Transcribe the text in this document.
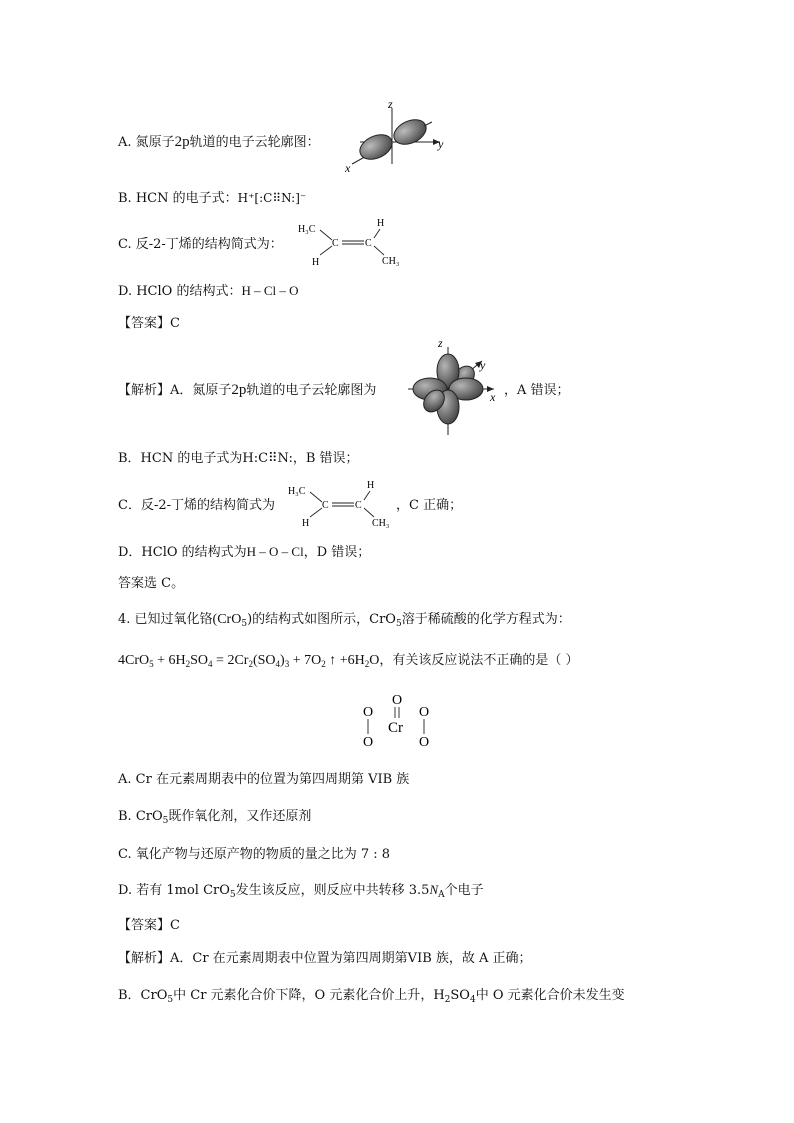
A. 氮原子2p轨道的电子云轮廓图：
z
y
x
B. HCN 的电子式：H⁺[:C⠿N:]⁻
C. 反-2-丁烯的结构简式为：
H₃C
H
C	C
H
CH₃
D. HClO 的结构式：H – Cl – O
【答案】C
【解析】A．氮原子2p轨道的电子云轮廓图为	，A 错误；
z
y
x
B．HCN 的电子式为H:C⠿N:，B 错误；
C．反-2-丁烯的结构简式为	，C 正确；
H₃C
H
C	C
H
CH₃
D．HClO 的结构式为H – O – Cl，D 错误；
答案选 C。
4. 已知过氧化铬(CrO$_5$)的结构式如图所示，CrO$_5$溶于稀硫酸的化学方程式为：
$4CrO_5 + 6H_2SO_4 = 2Cr_2(SO_4)_3 + 7O_2$ ↑ $+6H_2O$，有关该反应说法不正确的是（ ）
O
Cr
O
O
O
O
A. Cr 在元素周期表中的位置为第四周期第 VIB 族
B. CrO$_5$既作氧化剂，又作还原剂
C. 氧化产物与还原产物的物质的量之比为 7 : 8
D. 若有 1mol CrO$_5$发生该反应，则反应中共转移 $3.5N_A$个电子
【答案】C
【解析】A．Cr 在元素周期表中位置为第四周期第VIB 族，故 A 正确；
B．CrO$_5$中 Cr 元素化合价下降，O 元素化合价上升，$H_2SO_4$中 O 元素化合价未发生变
